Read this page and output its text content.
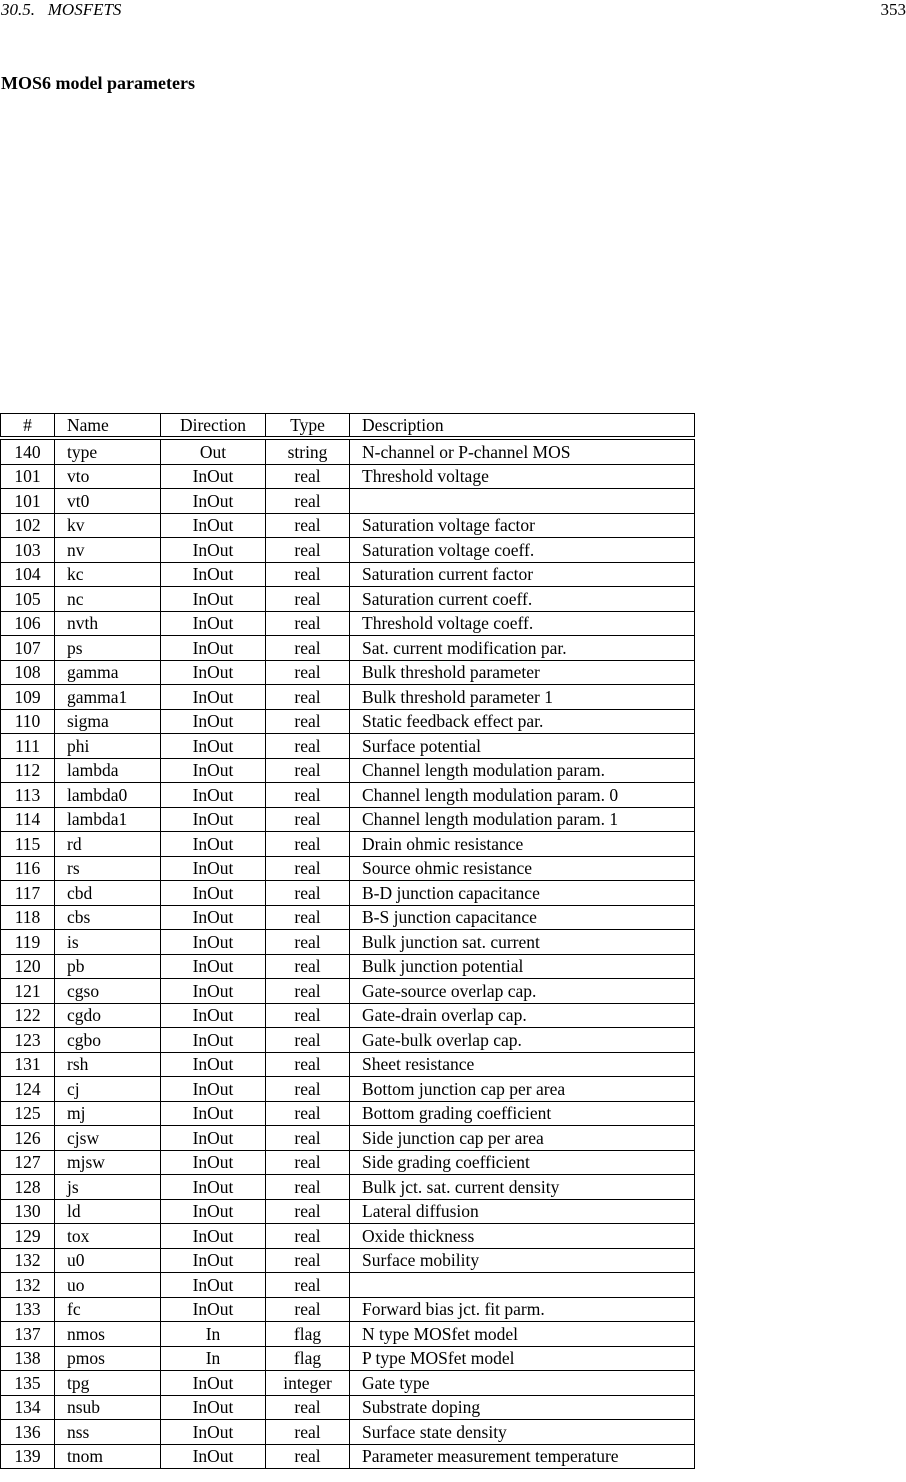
30.5.   MOSFETS	353
MOS6 model parameters
#	Name	Direction	Type	Description

140	type	Out	string	N-channel or P-channel MOS
101	vto	InOut	real	Threshold voltage
101	vt0	InOut	real	
102	kv	InOut	real	Saturation voltage factor
103	nv	InOut	real	Saturation voltage coeff.
104	kc	InOut	real	Saturation current factor
105	nc	InOut	real	Saturation current coeff.
106	nvth	InOut	real	Threshold voltage coeff.
107	ps	InOut	real	Sat. current modification par.
108	gamma	InOut	real	Bulk threshold parameter
109	gamma1	InOut	real	Bulk threshold parameter 1
110	sigma	InOut	real	Static feedback effect par.
111	phi	InOut	real	Surface potential
112	lambda	InOut	real	Channel length modulation param.
113	lambda0	InOut	real	Channel length modulation param. 0
114	lambda1	InOut	real	Channel length modulation param. 1
115	rd	InOut	real	Drain ohmic resistance
116	rs	InOut	real	Source ohmic resistance
117	cbd	InOut	real	B-D junction capacitance
118	cbs	InOut	real	B-S junction capacitance
119	is	InOut	real	Bulk junction sat. current
120	pb	InOut	real	Bulk junction potential
121	cgso	InOut	real	Gate-source overlap cap.
122	cgdo	InOut	real	Gate-drain overlap cap.
123	cgbo	InOut	real	Gate-bulk overlap cap.
131	rsh	InOut	real	Sheet resistance
124	cj	InOut	real	Bottom junction cap per area
125	mj	InOut	real	Bottom grading coefficient
126	cjsw	InOut	real	Side junction cap per area
127	mjsw	InOut	real	Side grading coefficient
128	js	InOut	real	Bulk jct. sat. current density
130	ld	InOut	real	Lateral diffusion
129	tox	InOut	real	Oxide thickness
132	u0	InOut	real	Surface mobility
132	uo	InOut	real	
133	fc	InOut	real	Forward bias jct. fit parm.
137	nmos	In	flag	N type MOSfet model
138	pmos	In	flag	P type MOSfet model
135	tpg	InOut	integer	Gate type
134	nsub	InOut	real	Substrate doping
136	nss	InOut	real	Surface state density
139	tnom	InOut	real	Parameter measurement temperature
